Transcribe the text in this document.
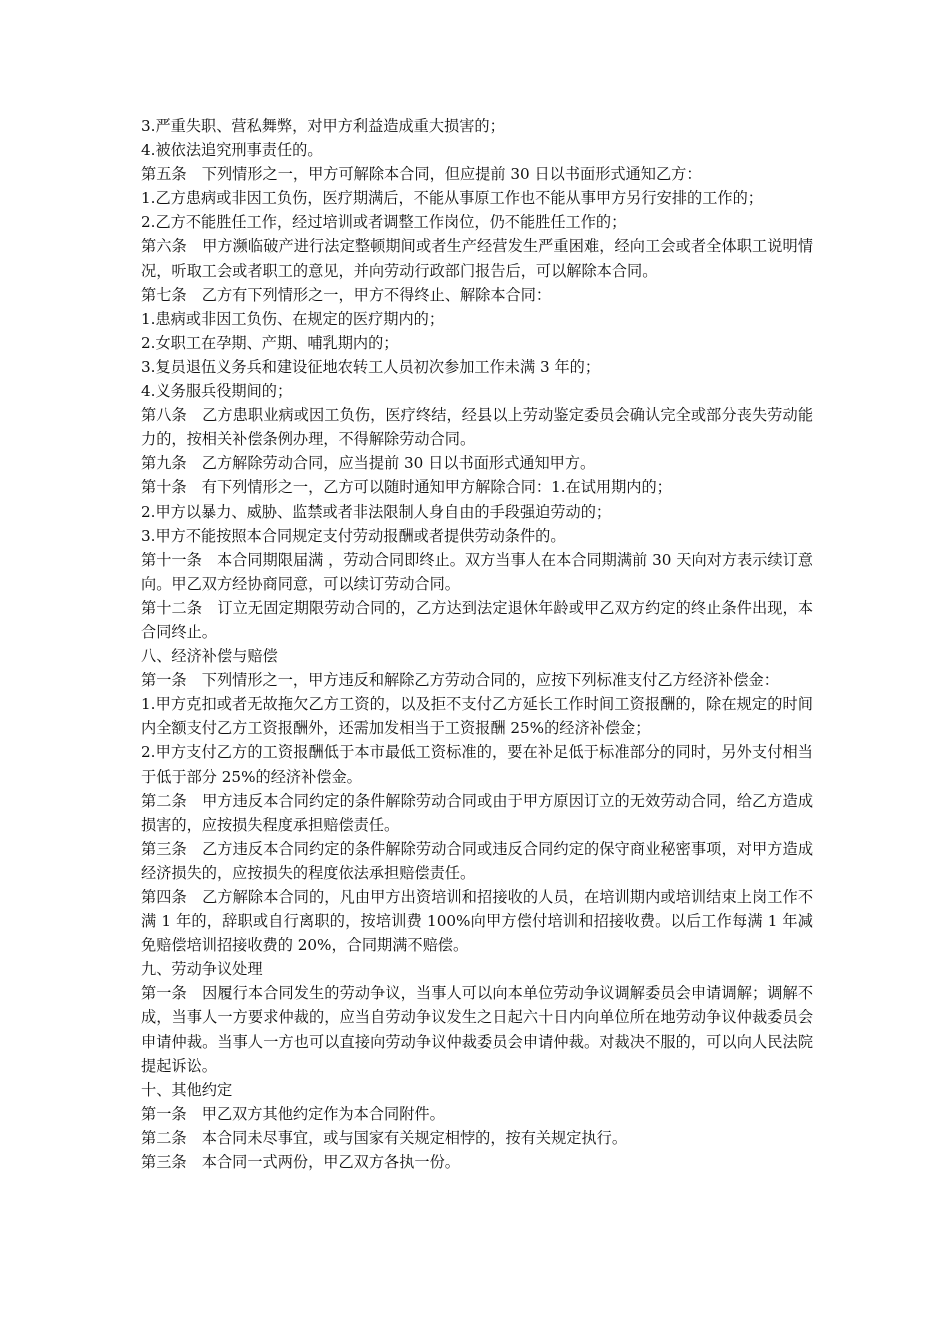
3.严重失职、营私舞弊，对甲方利益造成重大损害的；

4.被依法追究刑事责任的。

第五条　下列情形之一，甲方可解除本合同，但应提前 30 日以书面形式通知乙方：

1.乙方患病或非因工负伤，医疗期满后，不能从事原工作也不能从事甲方另行安排的工作的；

2.乙方不能胜任工作，经过培训或者调整工作岗位，仍不能胜任工作的；

第六条　甲方濒临破产进行法定整顿期间或者生产经营发生严重困难，经向工会或者全体职工说明情况，听取工会或者职工的意见，并向劳动行政部门报告后，可以解除本合同。

第七条　乙方有下列情形之一，甲方不得终止、解除本合同：

1.患病或非因工负伤、在规定的医疗期内的；

2.女职工在孕期、产期、哺乳期内的；

3.复员退伍义务兵和建设征地农转工人员初次参加工作未满 3 年的；

4.义务服兵役期间的；

第八条　乙方患职业病或因工负伤，医疗终结，经县以上劳动鉴定委员会确认完全或部分丧失劳动能力的，按相关补偿条例办理，不得解除劳动合同。

第九条　乙方解除劳动合同，应当提前 30 日以书面形式通知甲方。

第十条　有下列情形之一，乙方可以随时通知甲方解除合同：1.在试用期内的；

2.甲方以暴力、威胁、监禁或者非法限制人身自由的手段强迫劳动的；

3.甲方不能按照本合同规定支付劳动报酬或者提供劳动条件的。

第十一条　本合同期限届满 ，劳动合同即终止。双方当事人在本合同期满前 30 天向对方表示续订意向。甲乙双方经协商同意，可以续订劳动合同。

第十二条　订立无固定期限劳动合同的，乙方达到法定退休年龄或甲乙双方约定的终止条件出现，本合同终止。

八、经济补偿与赔偿

第一条　下列情形之一，甲方违反和解除乙方劳动合同的，应按下列标准支付乙方经济补偿金：

1.甲方克扣或者无故拖欠乙方工资的，以及拒不支付乙方延长工作时间工资报酬的，除在规定的时间内全额支付乙方工资报酬外，还需加发相当于工资报酬 25%的经济补偿金；

2.甲方支付乙方的工资报酬低于本市最低工资标准的，要在补足低于标准部分的同时，另外支付相当于低于部分 25%的经济补偿金。

第二条　甲方违反本合同约定的条件解除劳动合同或由于甲方原因订立的无效劳动合同，给乙方造成损害的，应按损失程度承担赔偿责任。

第三条　乙方违反本合同约定的条件解除劳动合同或违反合同约定的保守商业秘密事项，对甲方造成经济损失的，应按损失的程度依法承担赔偿责任。

第四条　乙方解除本合同的，凡由甲方出资培训和招接收的人员，在培训期内或培训结束上岗工作不满 1 年的，辞职或自行离职的，按培训费 100%向甲方偿付培训和招接收费。以后工作每满 1 年减免赔偿培训招接收费的 20%，合同期满不赔偿。

九、劳动争议处理

第一条　因履行本合同发生的劳动争议，当事人可以向本单位劳动争议调解委员会申请调解；调解不成，当事人一方要求仲裁的，应当自劳动争议发生之日起六十日内向单位所在地劳动争议仲裁委员会申请仲裁。当事人一方也可以直接向劳动争议仲裁委员会申请仲裁。对裁决不服的，可以向人民法院提起诉讼。

十、其他约定

第一条　甲乙双方其他约定作为本合同附件。

第二条　本合同未尽事宜，或与国家有关规定相悖的，按有关规定执行。

第三条　本合同一式两份，甲乙双方各执一份。
